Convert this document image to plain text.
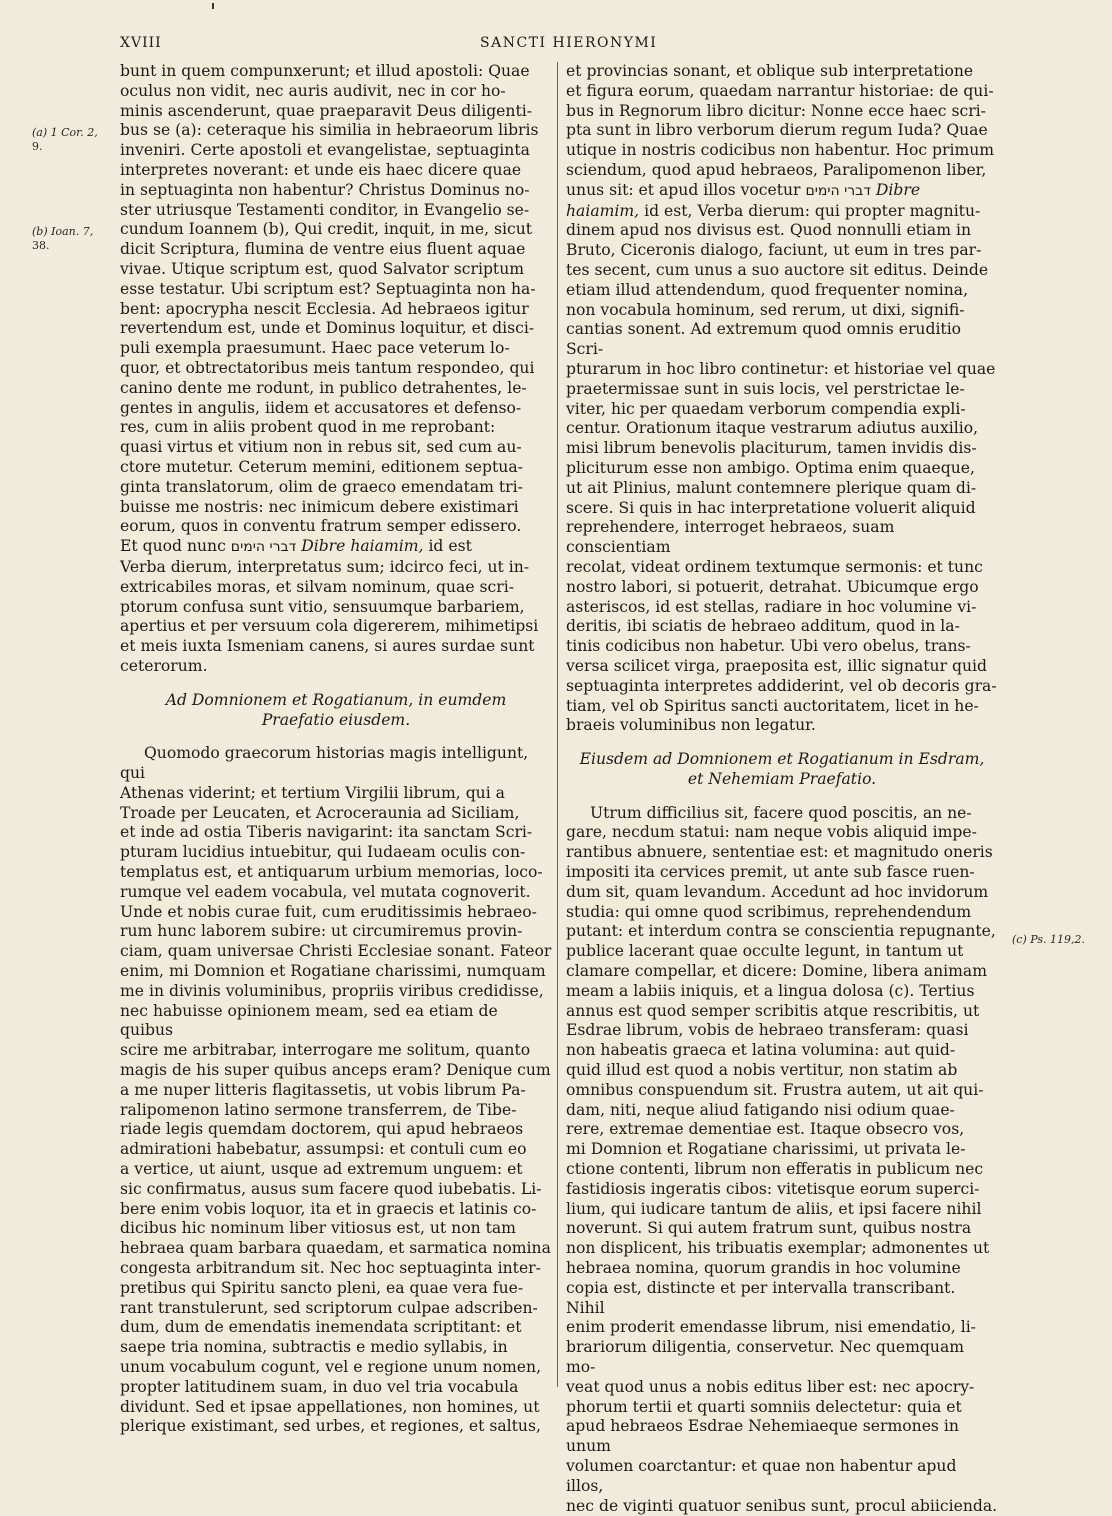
XVIII	SANCTI HIERONYMI
(a) 1 Cor. 2,
9.
(b) Ioan. 7,
38.
(c) Ps. 119,2.

bunt in quem compunxerunt; et illud apostoli: Quae

oculus non vidit, nec auris audivit, nec in cor ho-

minis ascenderunt, quae praeparavit Deus diligenti-

bus se (a): ceteraque his similia in hebraeorum libris

inveniri. Certe apostoli et evangelistae, septuaginta

interpretes noverant: et unde eis haec dicere quae

in septuaginta non habentur? Christus Dominus no-

ster utriusque Testamenti conditor, in Evangelio se-

cundum Ioannem (b), Qui credit, inquit, in me, sicut

dicit Scriptura, flumina de ventre eius fluent aquae

vivae. Utique scriptum est, quod Salvator scriptum

esse testatur. Ubi scriptum est? Septuaginta non ha-

bent: apocrypha nescit Ecclesia. Ad hebraeos igitur

revertendum est, unde et Dominus loquitur, et disci-

puli exempla praesumunt. Haec pace veterum lo-

quor, et obtrectatoribus meis tantum respondeo, qui

canino dente me rodunt, in publico detrahentes, le-

gentes in angulis, iidem et accusatores et defenso-

res, cum in aliis probent quod in me reprobant:

quasi virtus et vitium non in rebus sit, sed cum au-

ctore mutetur. Ceterum memini, editionem septua-

ginta translatorum, olim de graeco emendatam tri-

buisse me nostris: nec inimicum debere existimari

eorum, quos in conventu fratrum semper edissero.

Et quod nunc דברי הימים Dibre haiamim, id est

Verba dierum, interpretatus sum; idcirco feci, ut in-

extricabiles moras, et silvam nominum, quae scri-

ptorum confusa sunt vitio, sensuumque barbariem,

apertius et per versuum cola digererem, mihimetipsi

et meis iuxta Ismeniam canens, si aures surdae sunt

ceterorum.

Ad Domnionem et Rogatianum, in eumdem

Praefatio eiusdem.

Quomodo graecorum historias magis intelligunt, qui

Athenas viderint; et tertium Virgilii librum, qui a

Troade per Leucaten, et Acroceraunia ad Siciliam,

et inde ad ostia Tiberis navigarint: ita sanctam Scri-

pturam lucidius intuebitur, qui Iudaeam oculis con-

templatus est, et antiquarum urbium memorias, loco-

rumque vel eadem vocabula, vel mutata cognoverit.

Unde et nobis curae fuit, cum eruditissimis hebraeo-

rum hunc laborem subire: ut circumiremus provin-

ciam, quam universae Christi Ecclesiae sonant. Fateor

enim, mi Domnion et Rogatiane charissimi, numquam

me in divinis voluminibus, propriis viribus credidisse,

nec habuisse opinionem meam, sed ea etiam de quibus

scire me arbitrabar, interrogare me solitum, quanto

magis de his super quibus anceps eram? Denique cum

a me nuper litteris flagitassetis, ut vobis librum Pa-

ralipomenon latino sermone transferrem, de Tibe-

riade legis quemdam doctorem, qui apud hebraeos

admirationi habebatur, assumpsi: et contuli cum eo

a vertice, ut aiunt, usque ad extremum unguem: et

sic confirmatus, ausus sum facere quod iubebatis. Li-

bere enim vobis loquor, ita et in graecis et latinis co-

dicibus hic nominum liber vitiosus est, ut non tam

hebraea quam barbara quaedam, et sarmatica nomina

congesta arbitrandum sit. Nec hoc septuaginta inter-

pretibus qui Spiritu sancto pleni, ea quae vera fue-

rant transtulerunt, sed scriptorum culpae adscriben-

dum, dum de emendatis inemendata scriptitant: et

saepe tria nomina, subtractis e medio syllabis, in

unum vocabulum cogunt, vel e regione unum nomen,

propter latitudinem suam, in duo vel tria vocabula

dividunt. Sed et ipsae appellationes, non homines, ut

plerique existimant, sed urbes, et regiones, et saltus,

et provincias sonant, et oblique sub interpretatione

et figura eorum, quaedam narrantur historiae: de qui-

bus in Regnorum libro dicitur: Nonne ecce haec scri-

pta sunt in libro verborum dierum regum Iuda? Quae

utique in nostris codicibus non habentur. Hoc primum

sciendum, quod apud hebraeos, Paralipomenon liber,

unus sit: et apud illos vocetur דברי הימים Dibre

haiamim, id est, Verba dierum: qui propter magnitu-

dinem apud nos divisus est. Quod nonnulli etiam in

Bruto, Ciceronis dialogo, faciunt, ut eum in tres par-

tes secent, cum unus a suo auctore sit editus. Deinde

etiam illud attendendum, quod frequenter nomina,

non vocabula hominum, sed rerum, ut dixi, signifi-

cantias sonent. Ad extremum quod omnis eruditio Scri-

pturarum in hoc libro continetur: et historiae vel quae

praetermissae sunt in suis locis, vel perstrictae le-

viter, hic per quaedam verborum compendia expli-

centur. Orationum itaque vestrarum adiutus auxilio,

misi librum benevolis placiturum, tamen invidis dis-

pliciturum esse non ambigo. Optima enim quaeque,

ut ait Plinius, malunt contemnere plerique quam di-

scere. Si quis in hac interpretatione voluerit aliquid

reprehendere, interroget hebraeos, suam conscientiam

recolat, videat ordinem textumque sermonis: et tunc

nostro labori, si potuerit, detrahat. Ubicumque ergo

asteriscos, id est stellas, radiare in hoc volumine vi-

deritis, ibi sciatis de hebraeo additum, quod in la-

tinis codicibus non habetur. Ubi vero obelus, trans-

versa scilicet virga, praeposita est, illic signatur quid

septuaginta interpretes addiderint, vel ob decoris gra-

tiam, vel ob Spiritus sancti auctoritatem, licet in he-

braeis voluminibus non legatur.

Eiusdem ad Domnionem et Rogatianum in Esdram,

et Nehemiam Praefatio.

Utrum difficilius sit, facere quod poscitis, an ne-

gare, necdum statui: nam neque vobis aliquid impe-

rantibus abnuere, sententiae est: et magnitudo oneris

impositi ita cervices premit, ut ante sub fasce ruen-

dum sit, quam levandum. Accedunt ad hoc invidorum

studia: qui omne quod scribimus, reprehendendum

putant: et interdum contra se conscientia repugnante,

publice lacerant quae occulte legunt, in tantum ut

clamare compellar, et dicere: Domine, libera animam

meam a labiis iniquis, et a lingua dolosa (c). Tertius

annus est quod semper scribitis atque rescribitis, ut

Esdrae librum, vobis de hebraeo transferam: quasi

non habeatis graeca et latina volumina: aut quid-

quid illud est quod a nobis vertitur, non statim ab

omnibus conspuendum sit. Frustra autem, ut ait qui-

dam, niti, neque aliud fatigando nisi odium quae-

rere, extremae dementiae est. Itaque obsecro vos,

mi Domnion et Rogatiane charissimi, ut privata le-

ctione contenti, librum non efferatis in publicum nec

fastidiosis ingeratis cibos: vitetisque eorum superci-

lium, qui iudicare tantum de aliis, et ipsi facere nihil

noverunt. Si qui autem fratrum sunt, quibus nostra

non displicent, his tribuatis exemplar; admonentes ut

hebraea nomina, quorum grandis in hoc volumine

copia est, distincte et per intervalla transcribant. Nihil

enim proderit emendasse librum, nisi emendatio, li-

brariorum diligentia, conservetur. Nec quemquam mo-

veat quod unus a nobis editus liber est: nec apocry-

phorum tertii et quarti somniis delectetur: quia et

apud hebraeos Esdrae Nehemiaeque sermones in unum

volumen coarctantur: et quae non habentur apud illos,

nec de viginti quatuor senibus sunt, procul abiicienda.
